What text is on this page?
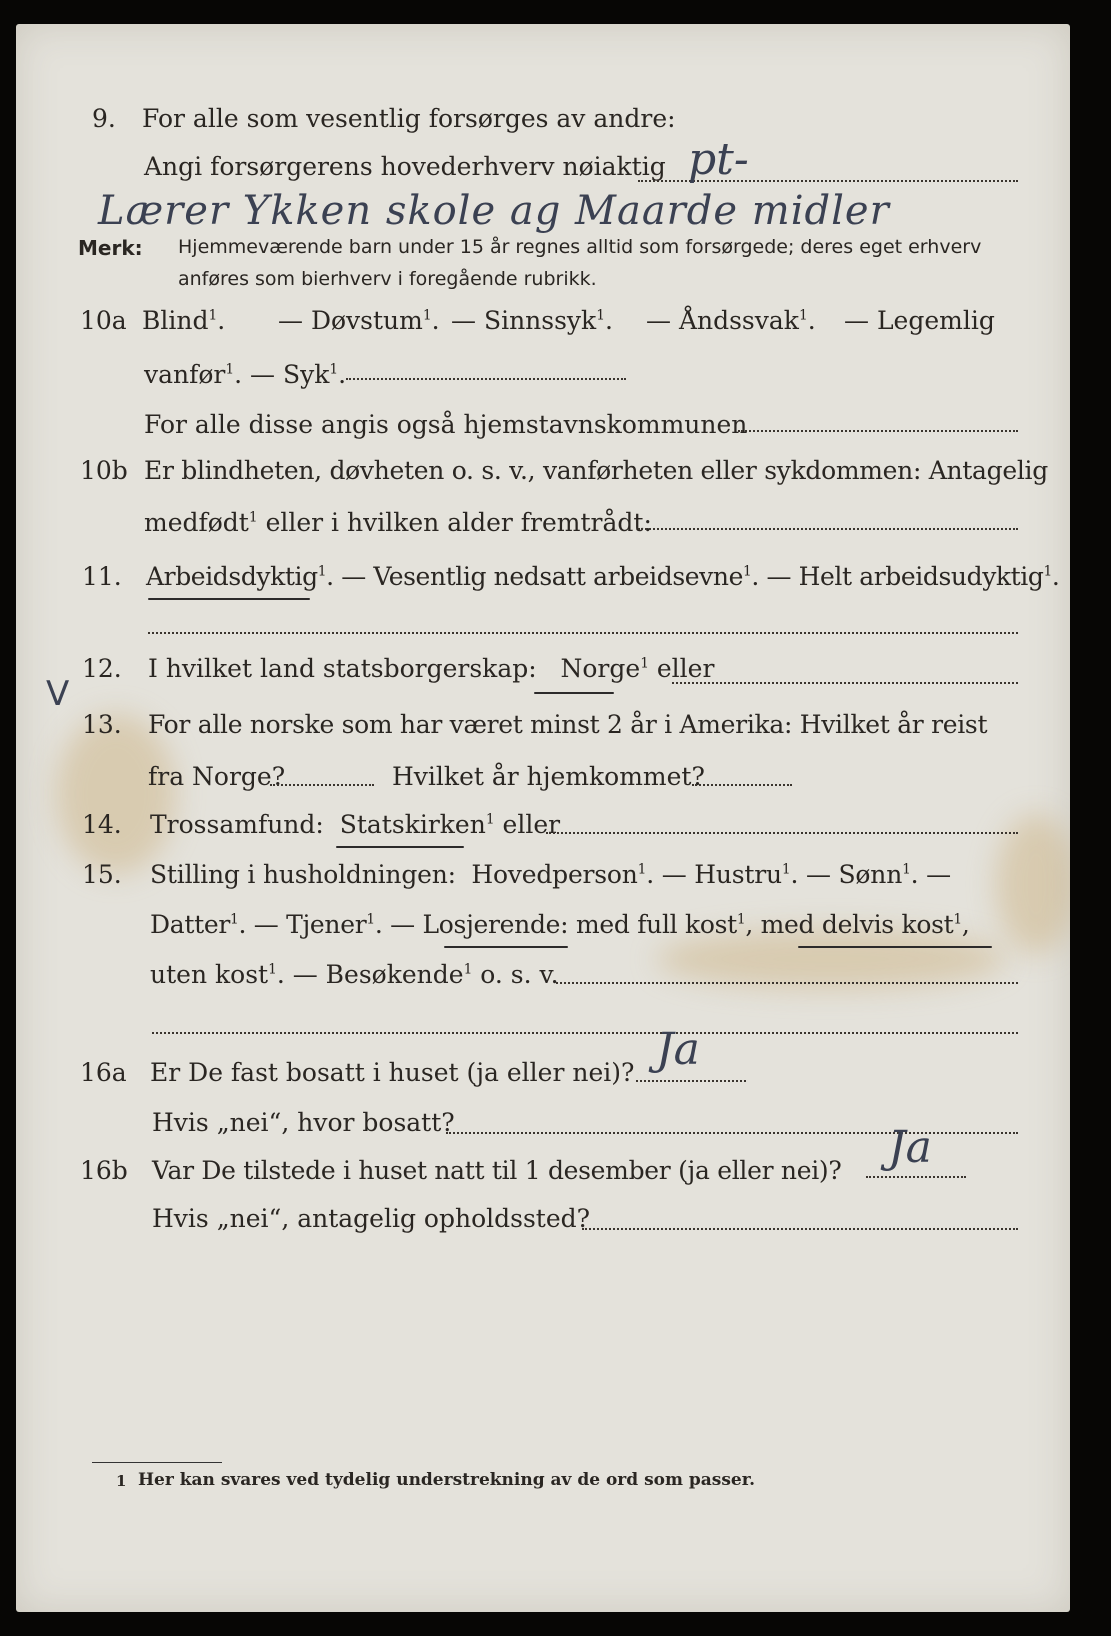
9. For alle som vesentlig forsørges av andre:
Angi forsørgerens hovederhverv nøiaktig pt-
Lærer Ykken skole ag Maarde midler
Merk: Hjemmeværende barn under 15 år regnes alltid som forsørgede; deres eget erhverv
anføres som bierhverv i foregående rubrikk.
10a Blind$^1$. — Døvstum$^1$. — Sinnssyk$^1$. — Åndssvak$^1$. — Legemlig
vanfør$^1$. — Syk$^1$.
For alle disse angis også hjemstavnskommunen
10b Er blindheten, døvheten o. s. v., vanførheten eller sykdommen: Antagelig
medfødt$^1$ eller i hvilken alder fremtrådt:
11. Arbeidsdyktig$^1$. — Vesentlig nedsatt arbeidsevne$^1$. — Helt arbeidsudyktig$^1$.
V
12. I hvilket land statsborgerskap: Norge$^1$ eller
13. For alle norske som har været minst 2 år i Amerika: Hvilket år reist
fra Norge?	Hvilket år hjemkommet?
14. Trossamfund: Statskirken$^1$ eller
15. Stilling i husholdningen: Hovedperson$^1$. — Hustru$^1$. — Sønn$^1$. —
Datter$^1$. — Tjener$^1$. — Losjerende: med full kost$^1$, med delvis kost$^1$,
uten kost$^1$. — Besøkende$^1$ o. s. v.
16a Er De fast bosatt i huset (ja eller nei)? Ja
Hvis „nei“, hvor bosatt?
16b Var De tilstede i huset natt til 1 desember (ja eller nei)? Ja
Hvis „nei“, antagelig opholdssted?
1 Her kan svares ved tydelig understrekning av de ord som passer.
